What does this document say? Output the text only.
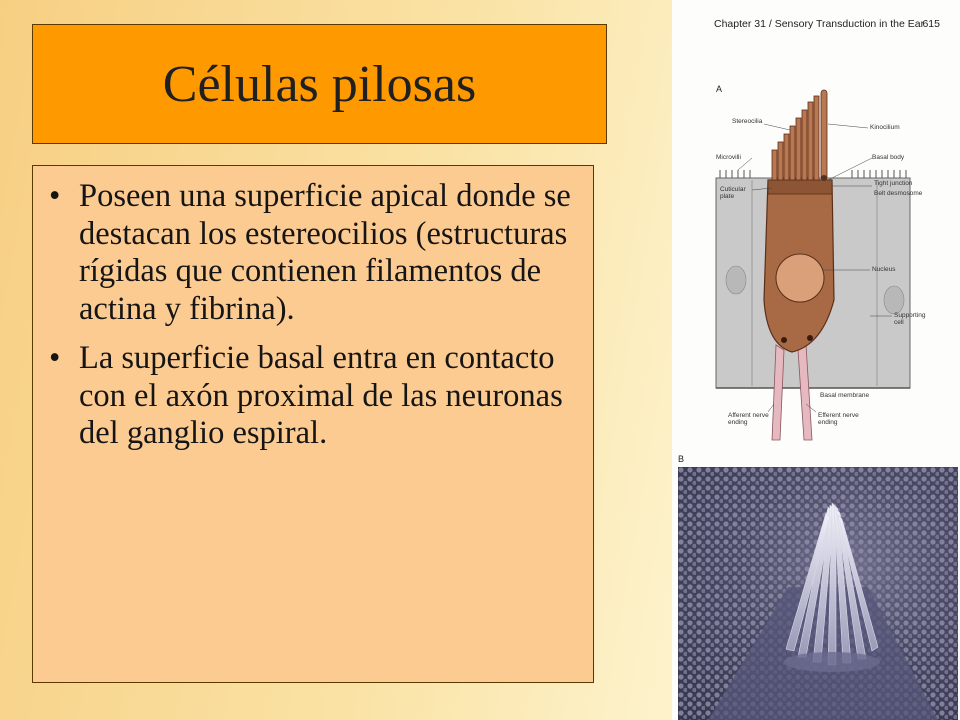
Células pilosas
• Poseen una superficie apical donde se destacan los estereocilios (estructuras rígidas que contienen filamentos de actina y fibrina).
• La superficie basal entra en contacto con el axón proximal de las neuronas del ganglio espiral.
Chapter 31 / Sensory Transduction in the Ear
615
A
Stereocilia
Kinocilium
Microvilli	Basal body
Cuticular plate
Tight junction
Belt desmosome
Nucleus
Supporting cell
Basal membrane
Afferent nerve ending
Efferent nerve ending
B
